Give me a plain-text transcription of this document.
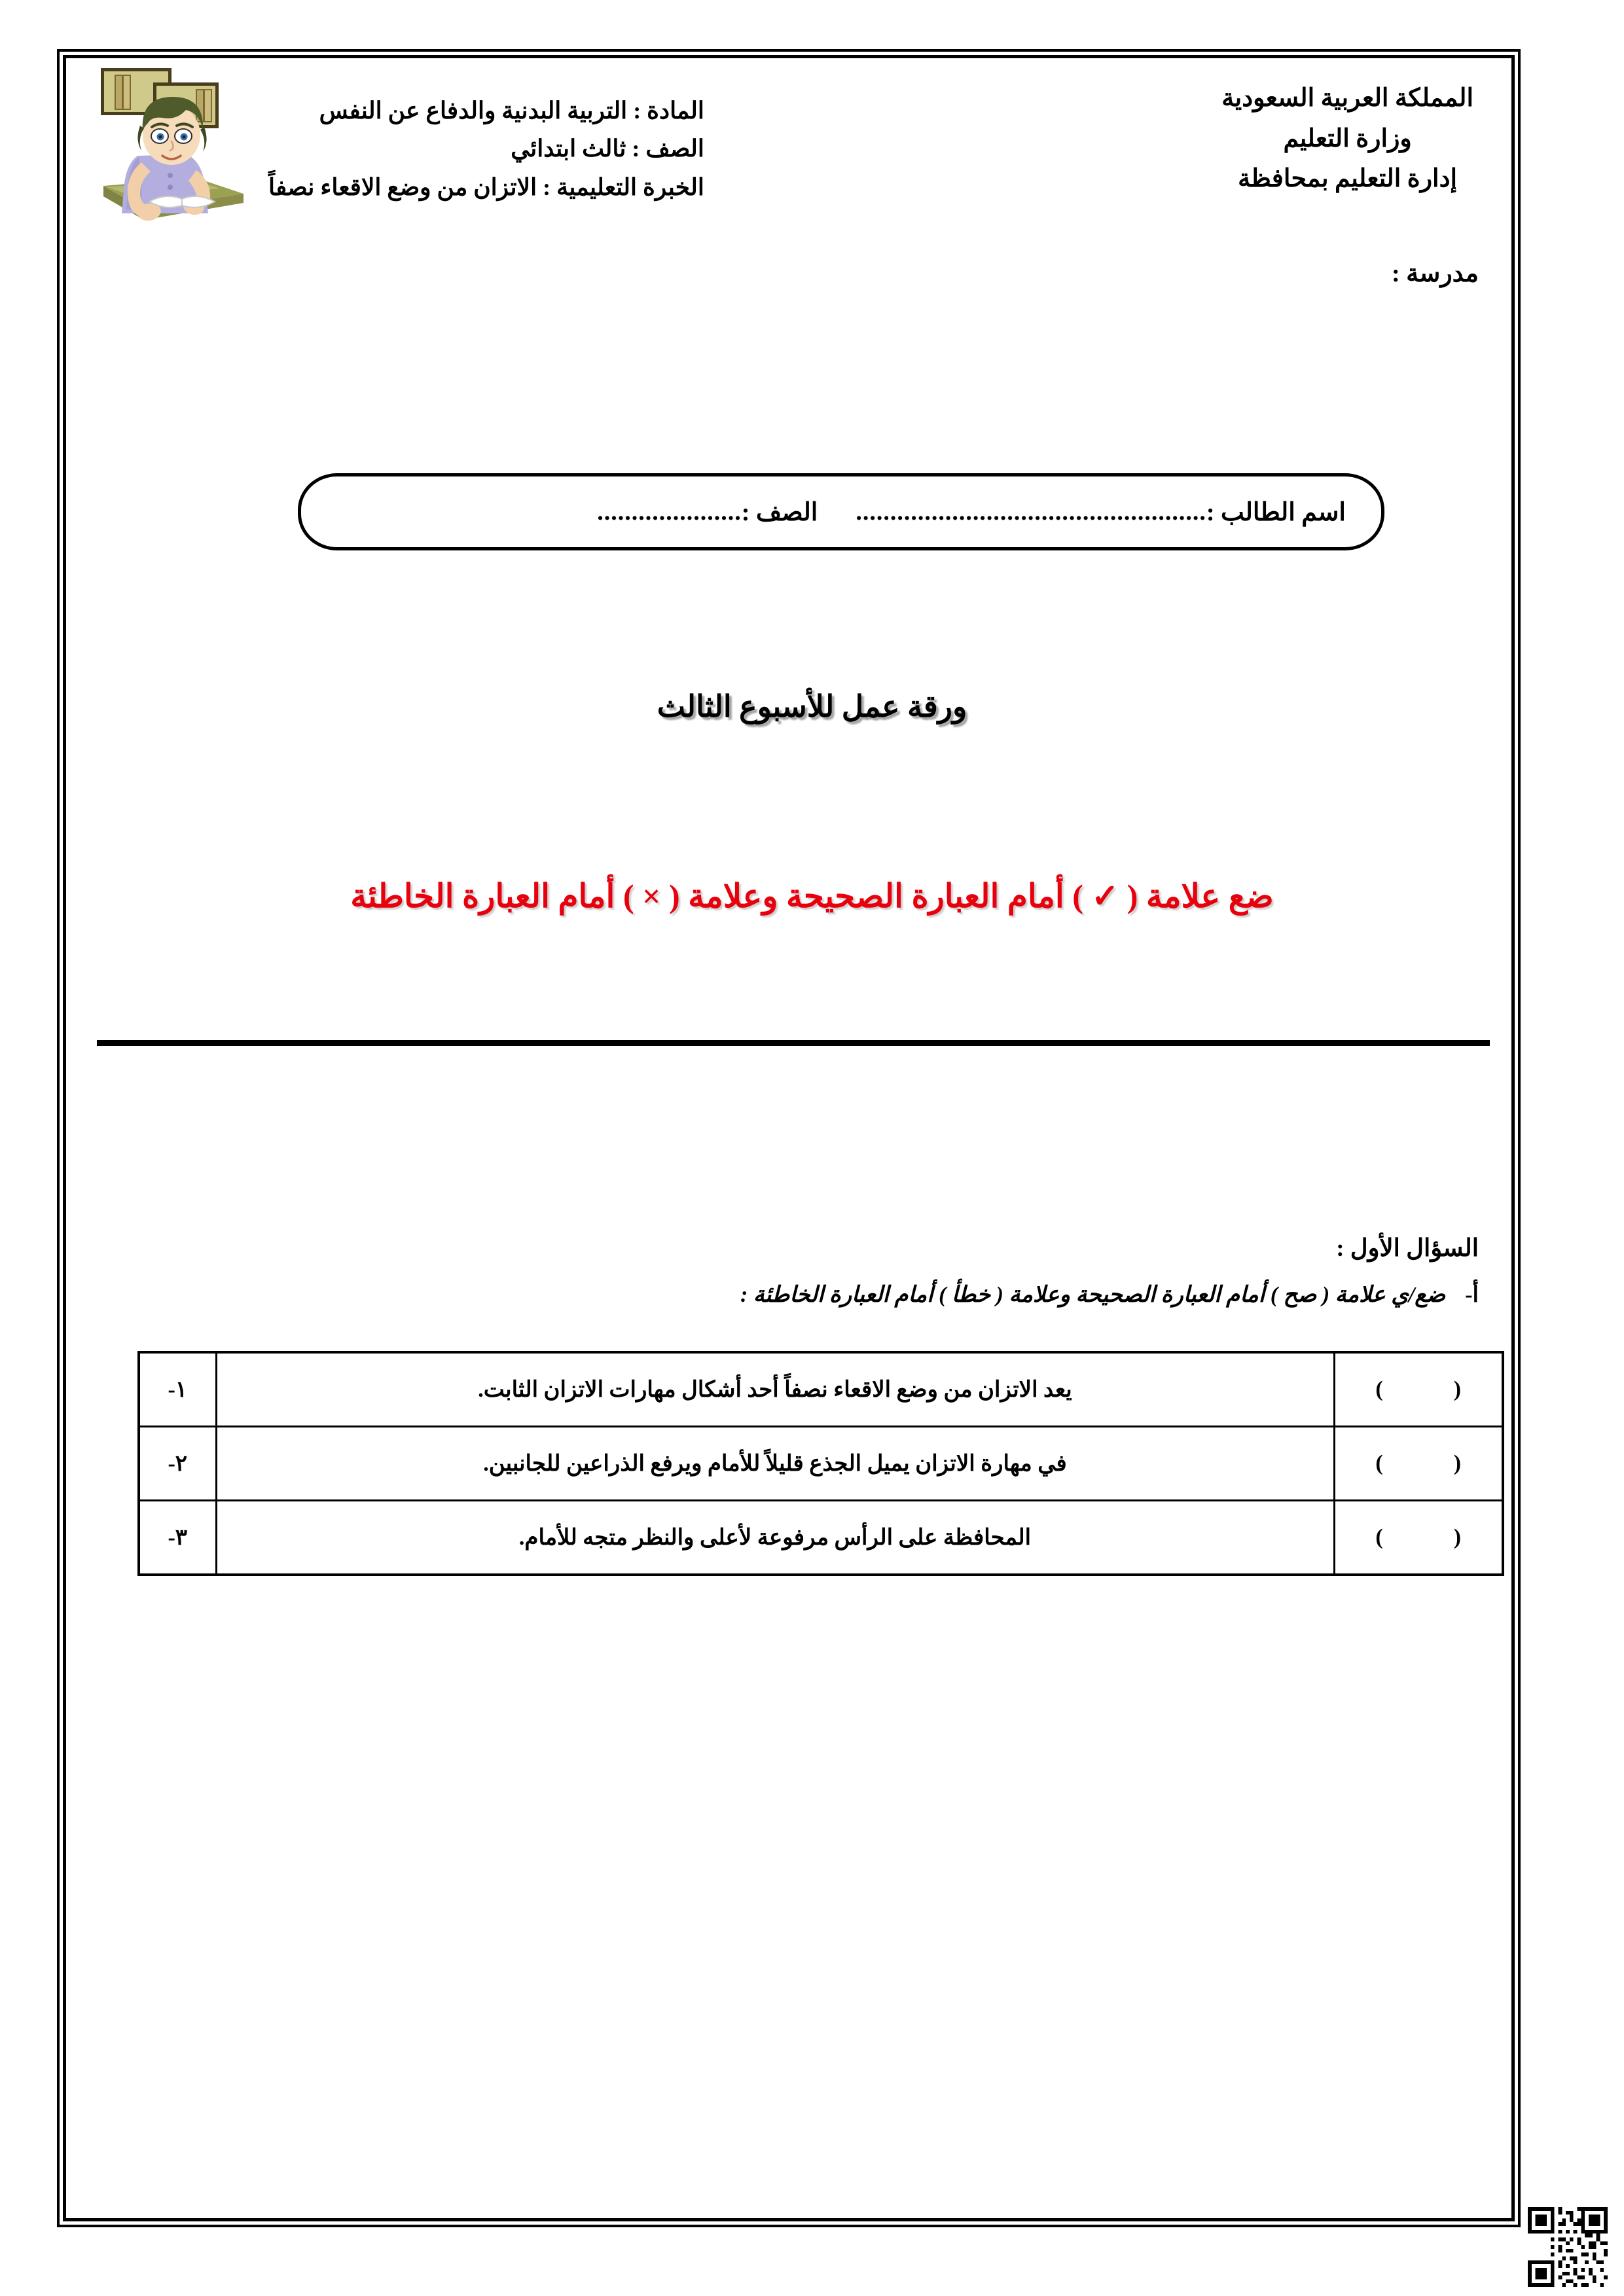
المملكة العربية السعودية
وزارة التعليم
إدارة التعليم بمحافظة
مدرسة :
المادة : التربية البدنية والدفاع عن النفس
الصف : ثالث ابتدائي
الخبرة التعليمية : الاتزان من وضع الاقعاء نصفاً
اسم الطالب :
...................................................
الصف :
.....................
ورقة عمل للأسبوع الثالث
ضع علامة ( ✓ ) أمام العبارة الصحيحة وعلامة ( × ) أمام العبارة الخاطئة
السؤال الأول :
أ-
ضع/ي علامة ( صح ) أمام العبارة الصحيحة وعلامة ( خطأ ) أمام العبارة الخاطئة :
()	يعد الاتزان من وضع الاقعاء نصفاً أحد أشكال مهارات الاتزان الثابت.	١-
()	في مهارة الاتزان يميل الجذع قليلاً للأمام ويرفع الذراعين للجانبين.	٢-
()	المحافظة على الرأس مرفوعة لأعلى والنظر متجه للأمام.	٣-
